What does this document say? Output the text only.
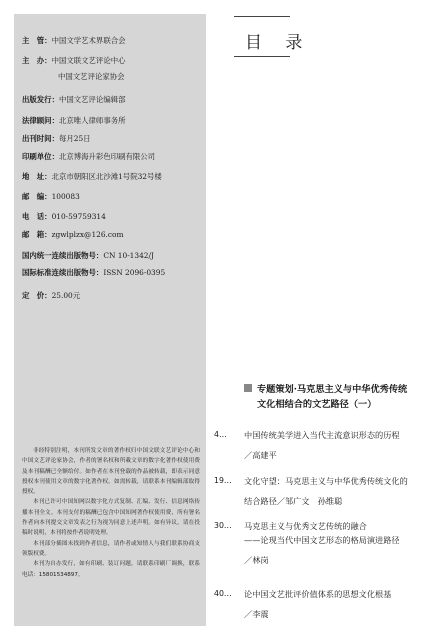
主　管：中国文学艺术界联合会
主　办：中国文联文艺评论中心
中国文艺评论家协会
出版发行：中国文艺评论编辑部
法律顾问：北京唯人律师事务所
出刊时间：每月25日
印刷单位：北京博海升彩色印刷有限公司
地　址：北京市朝阳区北沙滩1号院32号楼
邮　编：100083
电　话：010-59759314
邮　箱：zgwlplzx@126.com
国内统一连续出版物号：CN 10-1342/J
国际标准连续出版物号：ISSN 2096-0395
定　价：25.00元

非经特别注明，本刊所发文章的著作权归中国文联文艺评论中心和中国文艺评论家协会，作者的署名权和所載文章的数字化著作权使用费及本刊稿酬已全额给付。如作者在本刊登载的作品被转载，即表示同意授权本刊使用文章的数字化著作权。如需转载，请联系本刊编辑部取得授权。

本刊已许可中国知网以数字化方式复制、汇编、发行、信息网络传播本刊全文。本刊支付的稿酬已包含中国知网著作权使用费，所有署名作者向本刊提交文章发表之行为视为同意上述声明。如有异议，请在投稿时说明，本刊将按作者说明处理。

本刊部分插图未找到作者信息，请作者或知情人与我们联系协商支领版权费。

本刊为自办发行，如有印刷、装订问题，请联系印刷厂调换，联系电话：15801534897。

目 录
专题策划·马克思主义与中华优秀传统
文化相结合的文艺路径（一）
4…	中国传统美学进入当代主流意识形态的历程
／高建平
19…	文化守望：马克思主义与中华优秀传统文化的
结合路径／邹广文　孙维聪
30…	马克思主义与优秀文艺传统的融合
——论现当代中国文艺形态的格局演进路径
／林岗
40…	论中国文艺批评价值体系的思想文化根基
／李震
